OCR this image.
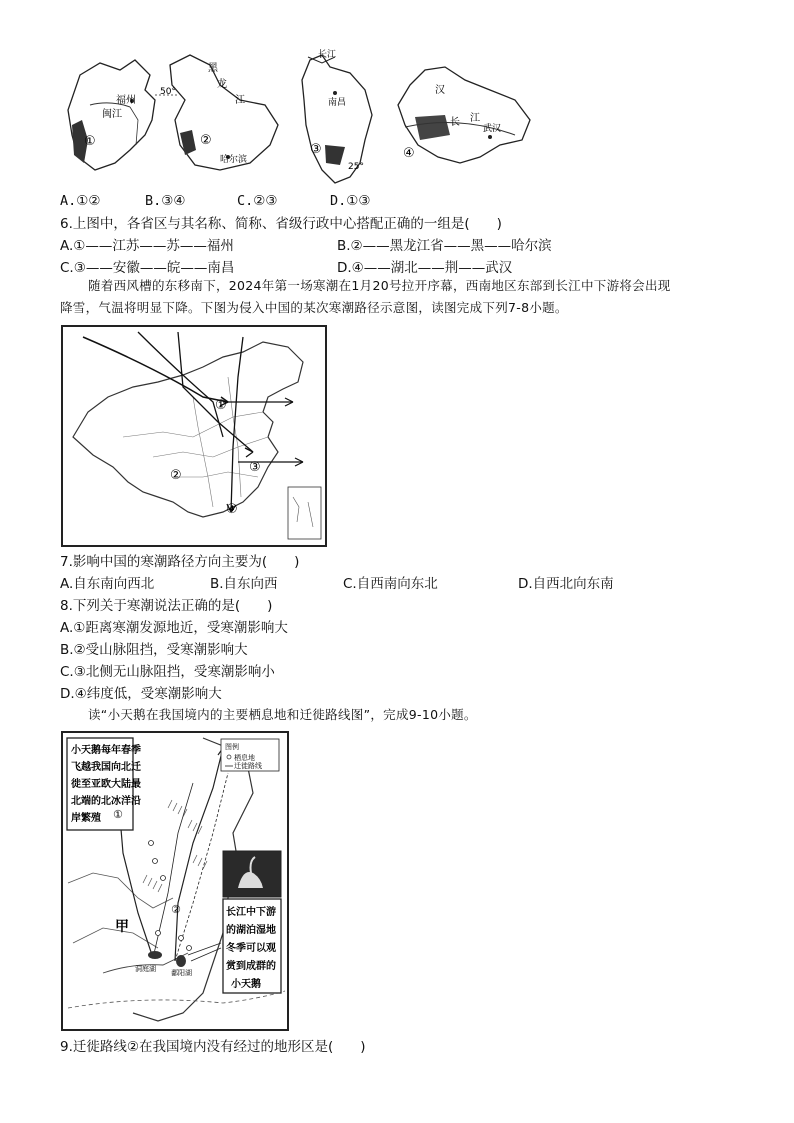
福州
闽江
①
黑
龙
江
哈尔滨
50°
②
长江
南昌
25°
③
汉
长 江
武汉
④
A.①②	B.③④	C.②③	D.①③
6.上图中，各省区与其名称、简称、省级行政中心搭配正确的一组是(　　)
A.①——江苏——苏——福州	B.②——黑龙江省——黑——哈尔滨
C.③——安徽——皖——南昌	D.④——湖北——荆——武汉
随着西风槽的东移南下，2024年第一场寒潮在1月20号拉开序幕，西南地区东部到长江中下游将会出现
降雪，气温将明显下降。下图为侵入中国的某次寒潮路径示意图，读图完成下列7-8小题。
①
②
③
④
7.影响中国的寒潮路径方向主要为(　　)
A.自东南向西北	B.自东向西	C.自西南向东北	D.自西北向东南
8.下列关于寒潮说法正确的是(　　)
A.①距离寒潮发源地近，受寒潮影响大
B.②受山脉阻挡，受寒潮影响大
C.③北侧无山脉阻挡，受寒潮影响小
D.④纬度低，受寒潮影响大
读“小天鹅在我国境内的主要栖息地和迁徙路线图”，完成9-10小题。
小天鹅每年春季
飞越我国向北迁
徙至亚欧大陆最
北端的北冰洋沿
岸繁殖
图例
栖息地
迁徙路线
长江中下游
的湖泊湿地
冬季可以观
赏到成群的
小天鹅
甲
洞庭湖 鄱阳湖
①
②
9.迁徙路线②在我国境内没有经过的地形区是(　　)
